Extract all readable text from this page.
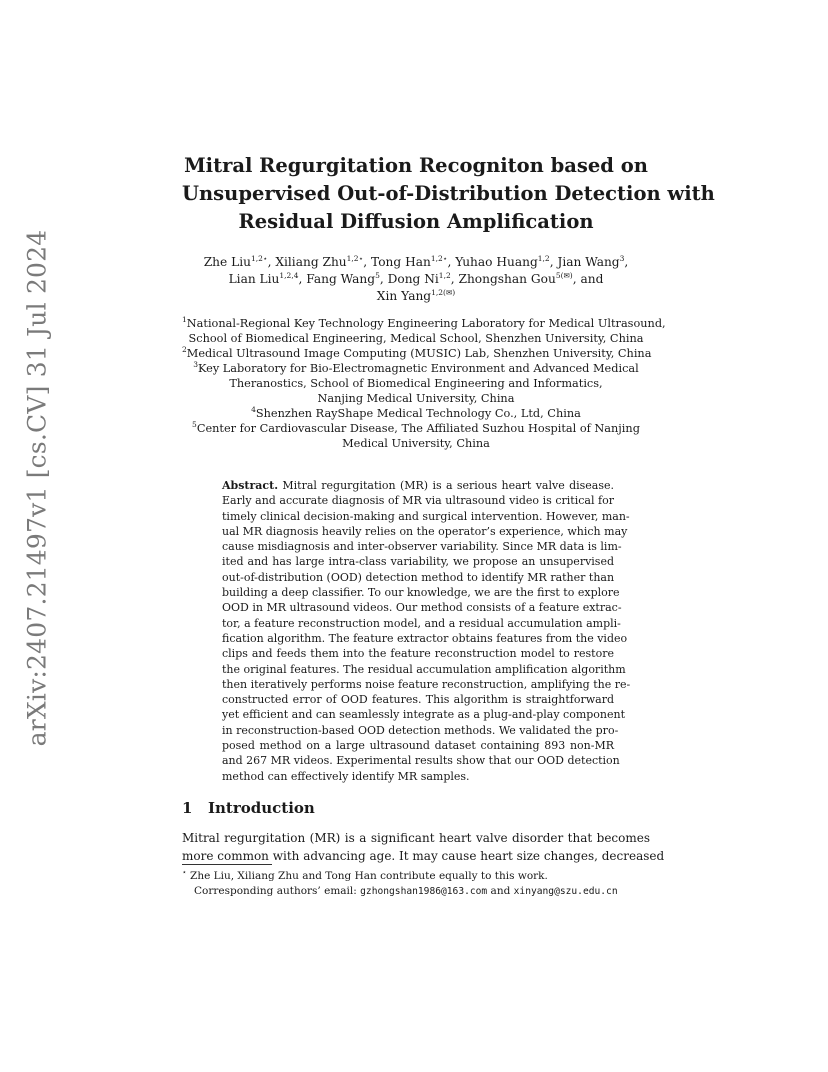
arXiv:2407.21497v1 [cs.CV] 31 Jul 2024
Mitral Regurgitation Recogniton based on
Unsupervised Out-of-Distribution Detection with
Residual Diffusion Amplification
Zhe Liu$^{1,2⋆}$, Xiliang Zhu$^{1,2⋆}$, Tong Han$^{1,2⋆}$, Yuhao Huang$^{1,2}$, Jian Wang$^3$,
Lian Liu$^{1,2,4}$, Fang Wang$^5$, Dong Ni$^{1,2}$, Zhongshan Gou$^{5(✉)}$, and
Xin Yang$^{1,2(✉)}$
$^1$National-Regional Key Technology Engineering Laboratory for Medical Ultrasound,
School of Biomedical Engineering, Medical School, Shenzhen University, China
$^2$Medical Ultrasound Image Computing (MUSIC) Lab, Shenzhen University, China
$^3$Key Laboratory for Bio-Electromagnetic Environment and Advanced Medical
Theranostics, School of Biomedical Engineering and Informatics,
Nanjing Medical University, China
$^4$Shenzhen RayShape Medical Technology Co., Ltd, China
$^5$Center for Cardiovascular Disease, The Affiliated Suzhou Hospital of Nanjing
Medical University, China
Abstract. Mitral regurgitation (MR) is a serious heart valve disease.
Early and accurate diagnosis of MR via ultrasound video is critical for
timely clinical decision-making and surgical intervention. However, man-
ual MR diagnosis heavily relies on the operator’s experience, which may
cause misdiagnosis and inter-observer variability. Since MR data is lim-
ited and has large intra-class variability, we propose an unsupervised
out-of-distribution (OOD) detection method to identify MR rather than
building a deep classifier. To our knowledge, we are the first to explore
OOD in MR ultrasound videos. Our method consists of a feature extrac-
tor, a feature reconstruction model, and a residual accumulation ampli-
fication algorithm. The feature extractor obtains features from the video
clips and feeds them into the feature reconstruction model to restore
the original features. The residual accumulation amplification algorithm
then iteratively performs noise feature reconstruction, amplifying the re-
constructed error of OOD features. This algorithm is straightforward
yet efficient and can seamlessly integrate as a plug-and-play component
in reconstruction-based OOD detection methods. We validated the pro-
posed method on a large ultrasound dataset containing 893 non-MR
and 267 MR videos. Experimental results show that our OOD detection
method can effectively identify MR samples.
1 Introduction
Mitral regurgitation (MR) is a significant heart valve disorder that becomes
more common with advancing age. It may cause heart size changes, decreased
⋆ Zhe Liu, Xiliang Zhu and Tong Han contribute equally to this work.
Corresponding authors’ email: gzhongshan1986@163.com and xinyang@szu.edu.cn
